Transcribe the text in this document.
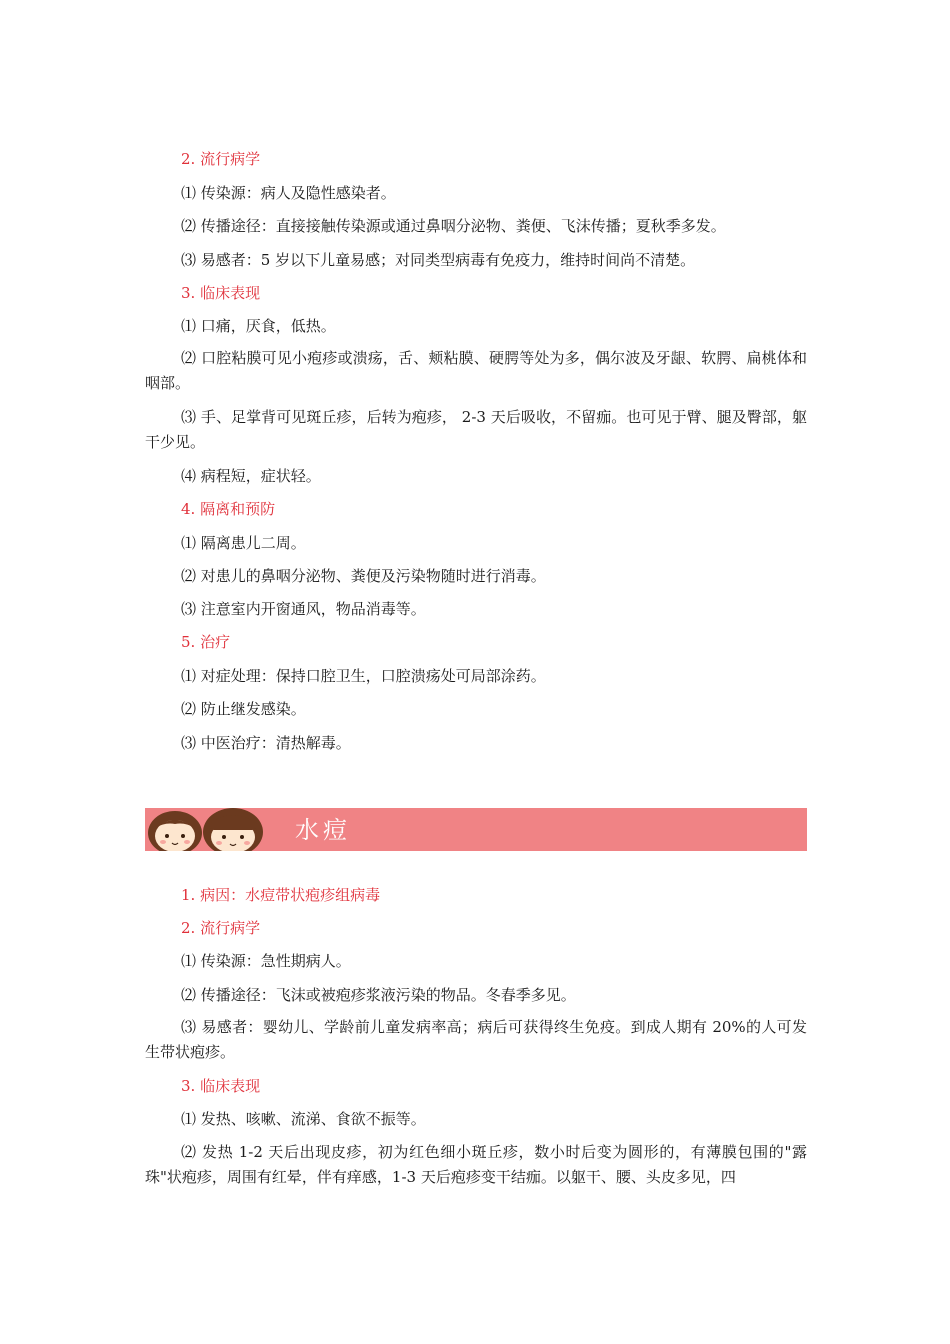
2. 流行病学
⑴ 传染源：病人及隐性感染者。
⑵ 传播途径：直接接触传染源或通过鼻咽分泌物、粪便、飞沫传播；夏秋季多发。
⑶ 易感者：5 岁以下儿童易感；对同类型病毒有免疫力，维持时间尚不清楚。
3. 临床表现
⑴ 口痛，厌食，低热。
⑵ 口腔粘膜可见小疱疹或溃疡，舌、颊粘膜、硬腭等处为多，偶尔波及牙龈、软腭、扁桃体和咽部。
⑶ 手、足掌背可见斑丘疹，后转为疱疹， 2-3 天后吸收，不留痂。也可见于臂、腿及臀部，躯干少见。
⑷ 病程短，症状轻。
4. 隔离和预防
⑴ 隔离患儿二周。
⑵ 对患儿的鼻咽分泌物、粪便及污染物随时进行消毒。
⑶ 注意室内开窗通风，物品消毒等。
5. 治疗
⑴ 对症处理：保持口腔卫生，口腔溃疡处可局部涂药。
⑵ 防止继发感染。
⑶ 中医治疗：清热解毒。
水痘
1. 病因：水痘带状疱疹组病毒
2. 流行病学
⑴ 传染源：急性期病人。
⑵ 传播途径：飞沫或被疱疹浆液污染的物品。冬春季多见。
⑶ 易感者：婴幼儿、学龄前儿童发病率高；病后可获得终生免疫。到成人期有 20%的人可发生带状疱疹。
3. 临床表现
⑴ 发热、咳嗽、流涕、食欲不振等。
⑵ 发热 1-2 天后出现皮疹，初为红色细小斑丘疹，数小时后变为圆形的，有薄膜包围的"露珠"状疱疹，周围有红晕，伴有痒感，1-3 天后疱疹变干结痂。以躯干、腰、头皮多见，四
